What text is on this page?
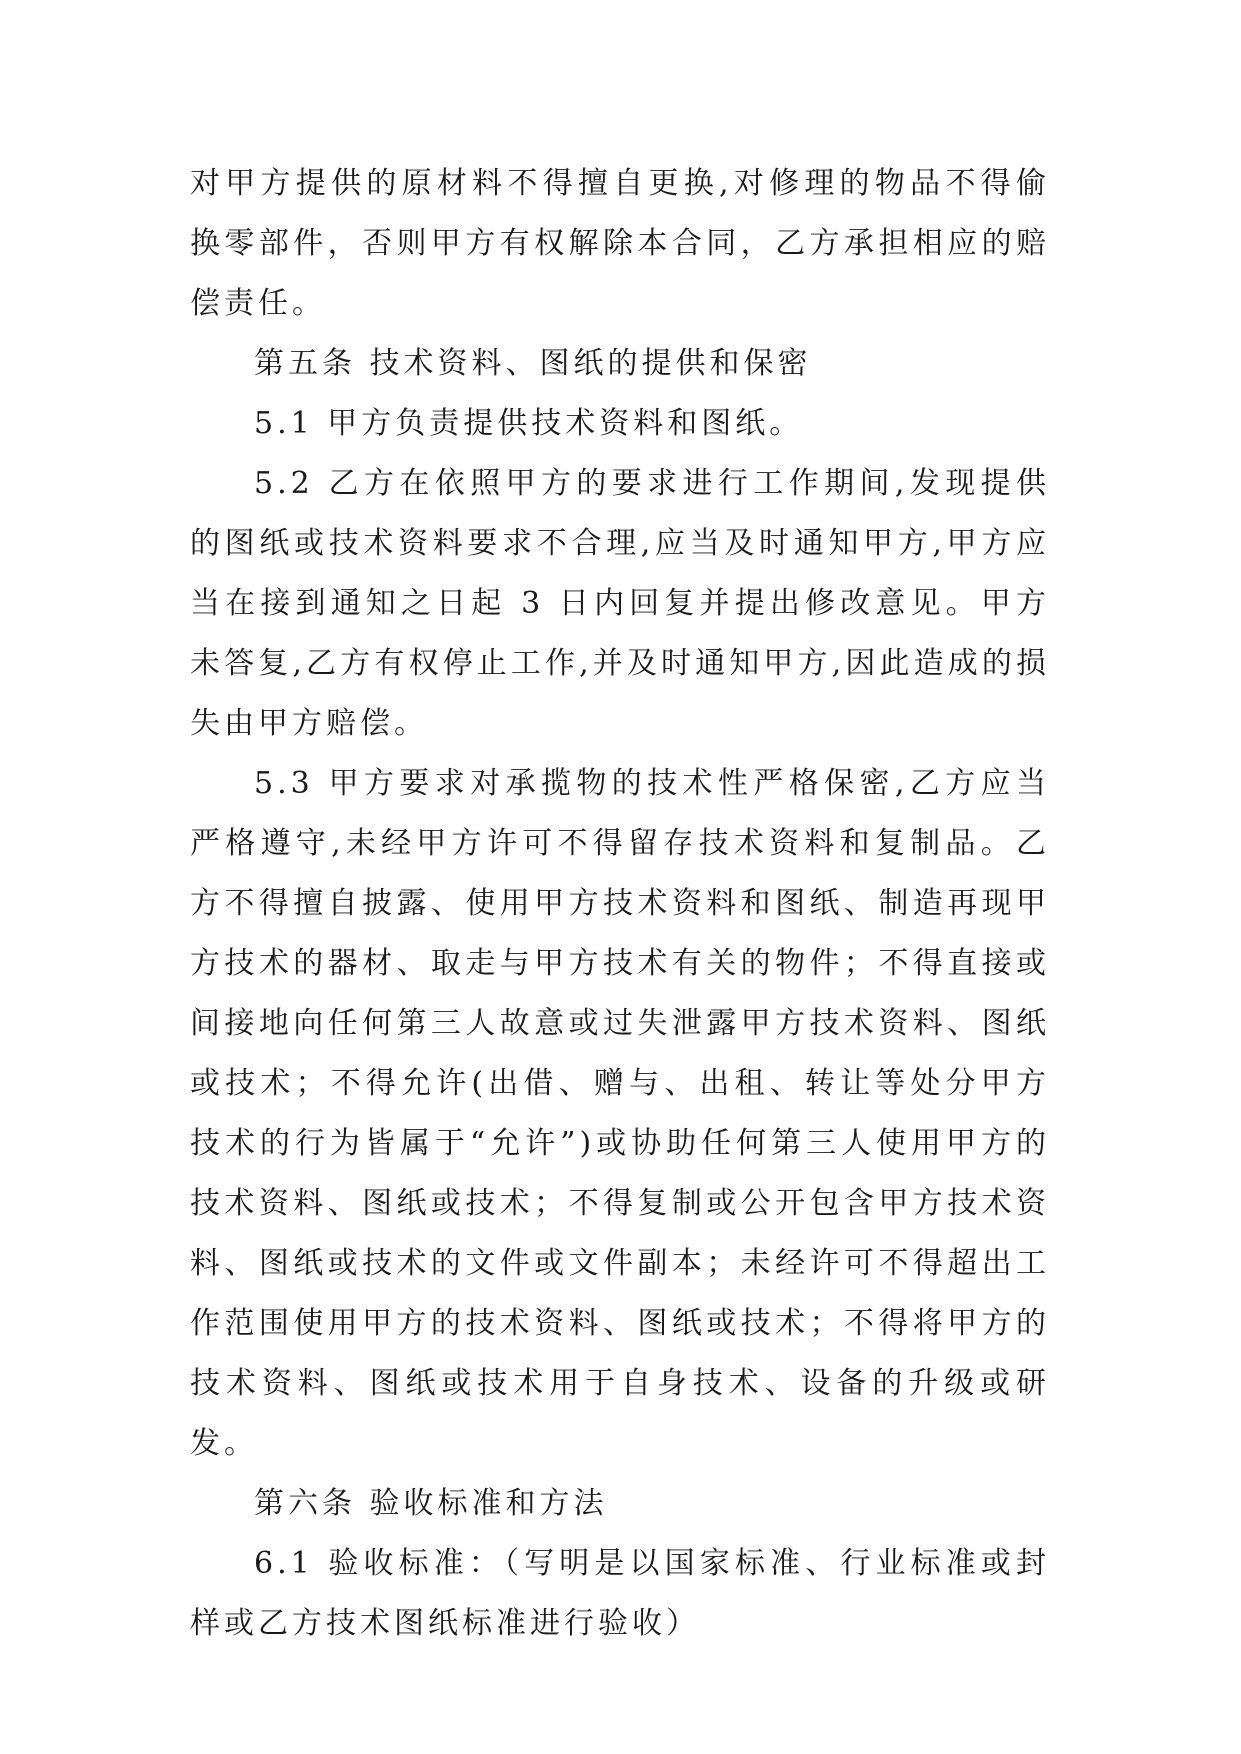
对甲方提供的原材料不得擅自更换,对修理的物品不得偷换零部件，否则甲方有权解除本合同，乙方承担相应的赔偿责任。

第五条 技术资料、图纸的提供和保密

5.1 甲方负责提供技术资料和图纸。

5.2 乙方在依照甲方的要求进行工作期间,发现提供的图纸或技术资料要求不合理,应当及时通知甲方,甲方应当在接到通知之日起 3 日内回复并提出修改意见。甲方未答复,乙方有权停止工作,并及时通知甲方,因此造成的损失由甲方赔偿。

5.3 甲方要求对承揽物的技术性严格保密,乙方应当严格遵守,未经甲方许可不得留存技术资料和复制品。乙方不得擅自披露、使用甲方技术资料和图纸、制造再现甲方技术的器材、取走与甲方技术有关的物件；不得直接或间接地向任何第三人故意或过失泄露甲方技术资料、图纸或技术；不得允许(出借、赠与、出租、转让等处分甲方技术的行为皆属于“允许”)或协助任何第三人使用甲方的技术资料、图纸或技术；不得复制或公开包含甲方技术资料、图纸或技术的文件或文件副本；未经许可不得超出工作范围使用甲方的技术资料、图纸或技术；不得将甲方的技术资料、图纸或技术用于自身技术、设备的升级或研发。

第六条 验收标准和方法

6.1 验收标准：（写明是以国家标准、行业标准或封样或乙方技术图纸标准进行验收）
